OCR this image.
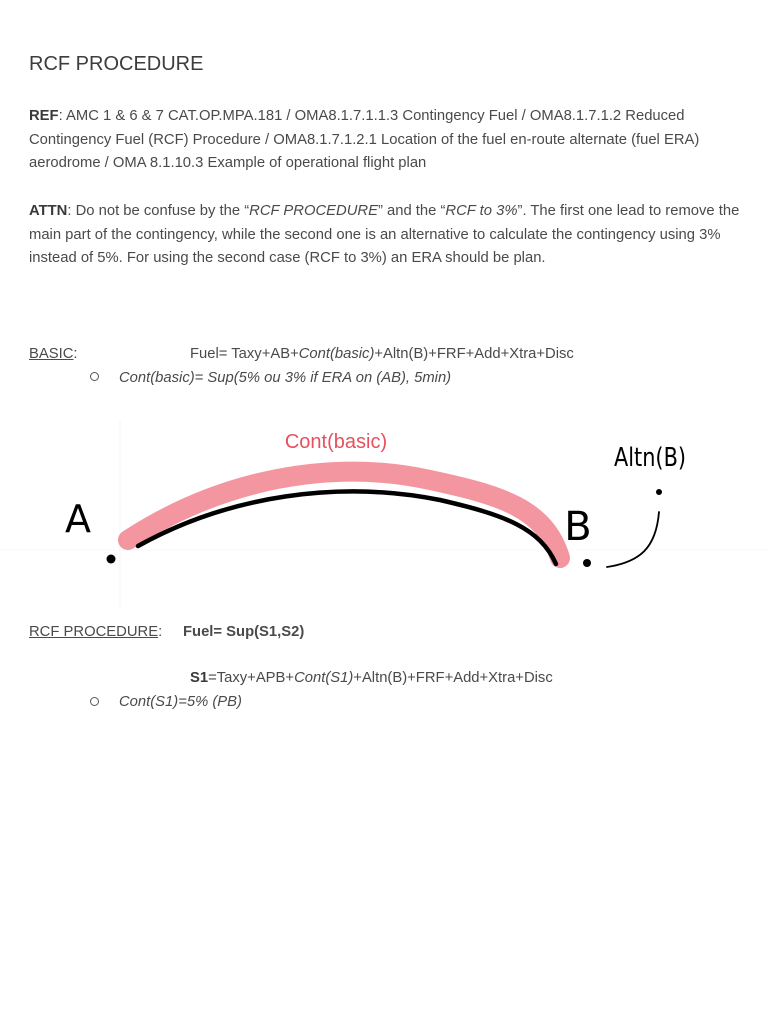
RCF PROCEDURE

REF: AMC 1 & 6 & 7 CAT.OP.MPA.181 / OMA8.1.7.1.1.3 Contingency Fuel / OMA8.1.7.1.2 Reduced Contingency Fuel (RCF) Procedure / OMA8.1.7.1.2.1 Location of the fuel en-route alternate (fuel ERA) aerodrome / OMA 8.1.10.3 Example of operational flight plan

ATTN: Do not be confuse by the “RCF PROCEDURE” and the “RCF to 3%”. The first one lead to remove the main part of the contingency, while the second one is an alternative to calculate the contingency using 3% instead of 5%. For using the second case (RCF to 3%) an ERA should be plan.

BASIC:	Fuel= Taxy+AB+Cont(basic)+Altn(B)+FRF+Add+Xtra+Disc
Cont(basic)= Sup(5% ou 3% if ERA on (AB), 5min)
Cont(basic)
A	B
Altn(B)
RCF PROCEDURE: Fuel= Sup(S1,S2)
S1=Taxy+APB+Cont(S1)+Altn(B)+FRF+Add+Xtra+Disc
Cont(S1)=5% (PB)
